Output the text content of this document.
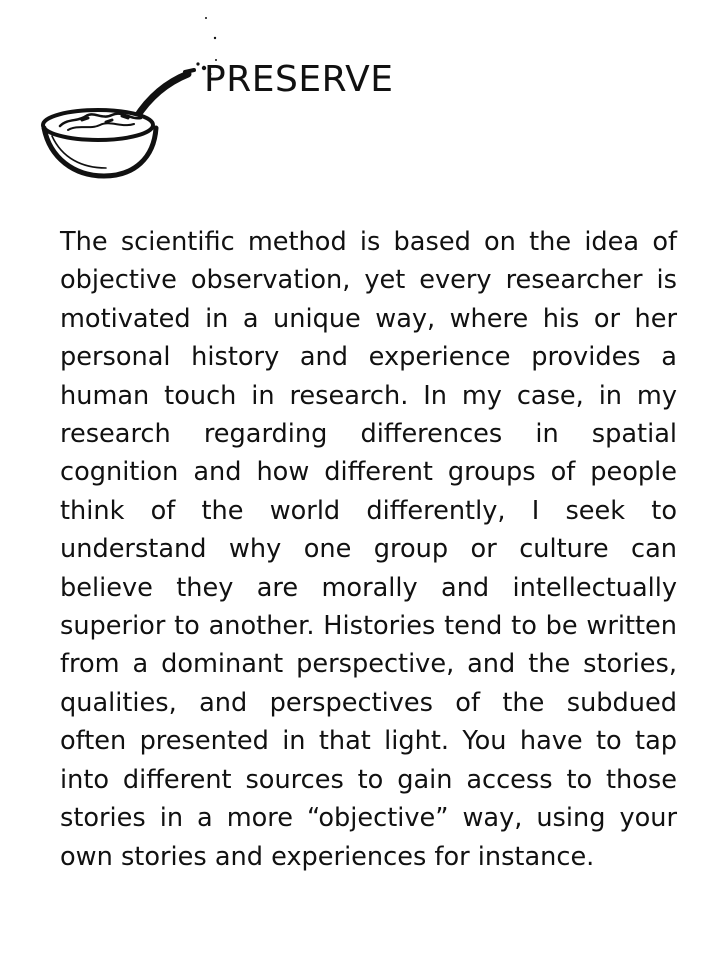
PRESERVE

The scientific method is based on the idea of objective observation, yet every researcher is motivated in a unique way, where his or her personal history and experience provides a human touch in research. In my case, in my research regarding differences in spatial cognition and how different groups of people think of the world differently, I seek to understand why one group or culture can believe they are morally and intellectually superior to another. Histories tend to be written from a dominant perspective, and the stories, qualities, and perspectives of the subdued often presented in that light. You have to tap into different sources to gain access to those stories in a more “objective” way, using your own stories and experiences for instance.
